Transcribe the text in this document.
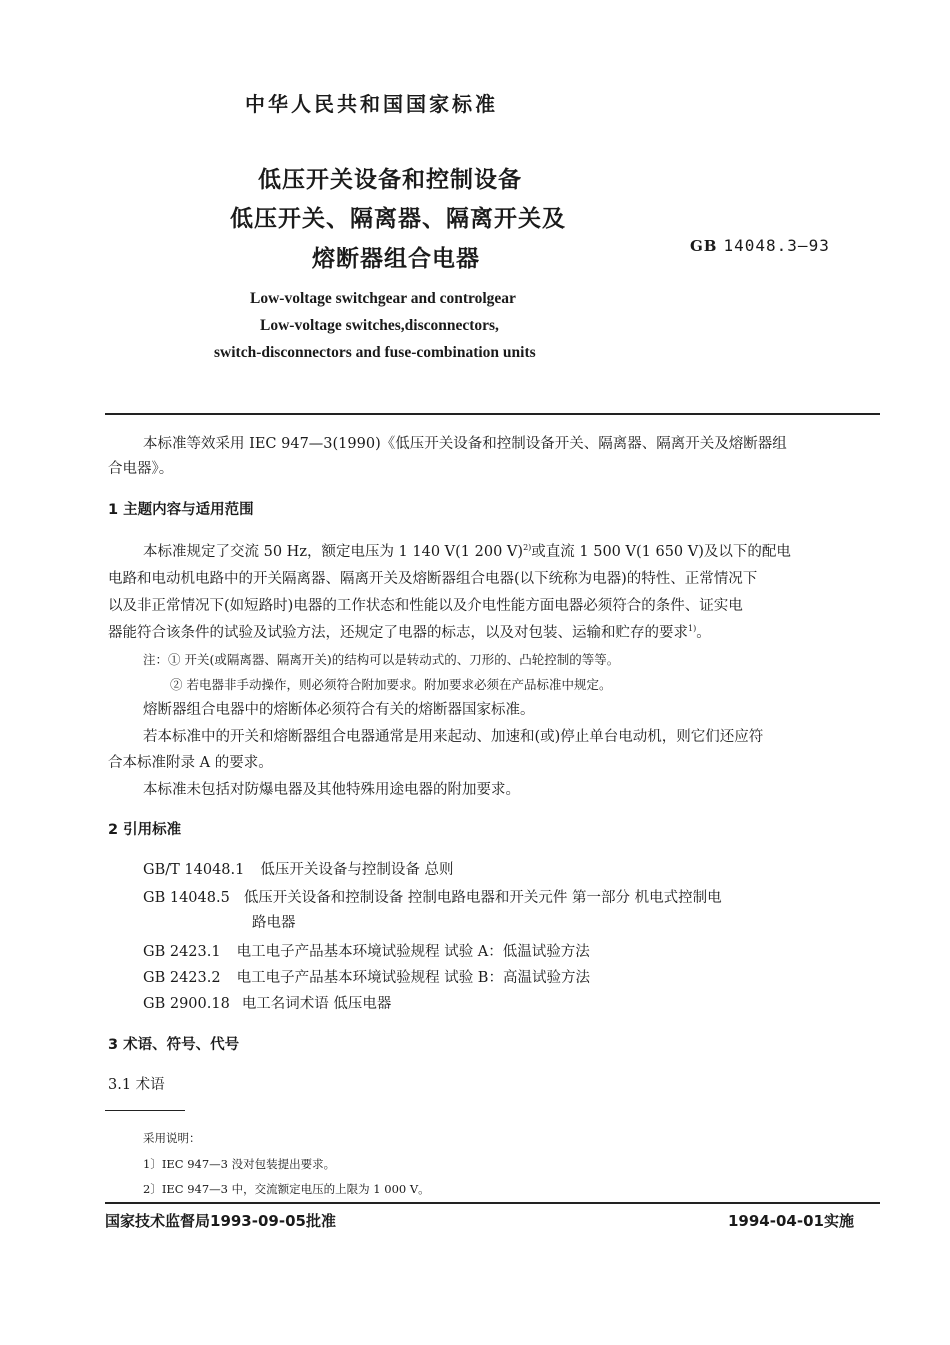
中华人民共和国国家标准
低压开关设备和控制设备
低压开关、隔离器、隔离开关及
熔断器组合电器	GB 14048.3—93
Low-voltage switchgear and controlgear
Low-voltage switches,disconnectors,
switch-disconnectors and fuse-combination units
本标准等效采用 IEC 947—3(1990)《低压开关设备和控制设备开关、隔离器、隔离开关及熔断器组
合电器》。
1 主题内容与适用范围
本标准规定了交流 50 Hz，额定电压为 1 140 V(1 200 V)$^{2)}$或直流 1 500 V(1 650 V)及以下的配电
电路和电动机电路中的开关隔离器、隔离开关及熔断器组合电器(以下统称为电器)的特性、正常情况下
以及非正常情况下(如短路时)电器的工作状态和性能以及介电性能方面电器必须符合的条件、证实电
器能符合该条件的试验及试验方法，还规定了电器的标志，以及对包装、运输和贮存的要求$^{1)}$。
注：① 开关(或隔离器、隔离开关)的结构可以是转动式的、刀形的、凸轮控制的等等。
② 若电器非手动操作，则必须符合附加要求。附加要求必须在产品标准中规定。
熔断器组合电器中的熔断体必须符合有关的熔断器国家标准。
若本标准中的开关和熔断器组合电器通常是用来起动、加速和(或)停止单台电动机，则它们还应符
合本标准附录 A 的要求。
本标准未包括对防爆电器及其他特殊用途电器的附加要求。
2 引用标准
GB/T 14048.1 低压开关设备与控制设备 总则
GB 14048.5 低压开关设备和控制设备 控制电路电器和开关元件 第一部分 机电式控制电
路电器
GB 2423.1 电工电子产品基本环境试验规程 试验 A：低温试验方法
GB 2423.2 电工电子产品基本环境试验规程 试验 B：高温试验方法
GB 2900.18 电工名词术语 低压电器
3 术语、符号、代号
3.1 术语
采用说明：
1〕IEC 947—3 没对包装提出要求。
2〕IEC 947—3 中，交流额定电压的上限为 1 000 V。
国家技术监督局1993-09-05批准	1994-04-01实施
